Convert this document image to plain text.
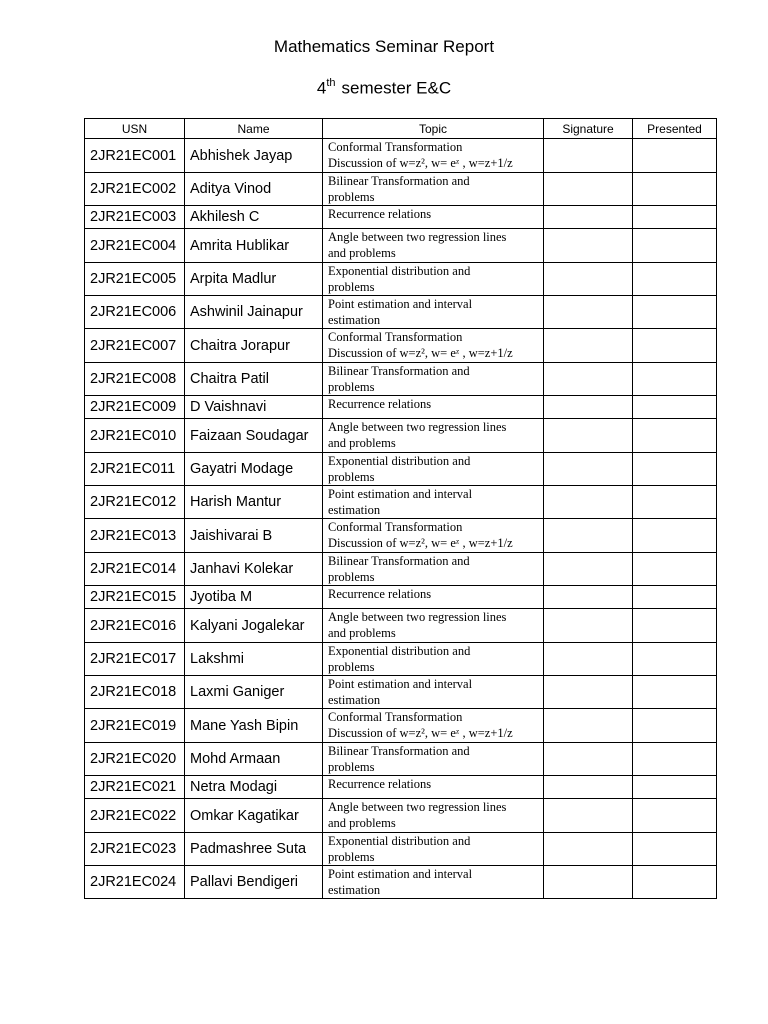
Mathematics Seminar Report
4th semester E&C
USN	Name	Topic	Signature	Presented
2JR21EC001	Abhishek Jayap	Conformal Transformation
Discussion of w=z², w= eᶻ , w=z+1/z		

2JR21EC002	Aditya Vinod	Bilinear Transformation and
problems		

2JR21EC003	Akhilesh C	Recurrence relations		

2JR21EC004	Amrita Hublikar	Angle between two regression lines
and problems		

2JR21EC005	Arpita Madlur	Exponential distribution and
problems		

2JR21EC006	Ashwinil Jainapur	Point estimation and interval
estimation		

2JR21EC007	Chaitra Jorapur	Conformal Transformation
Discussion of w=z², w= eᶻ , w=z+1/z		

2JR21EC008	Chaitra Patil	Bilinear Transformation and
problems		

2JR21EC009	D Vaishnavi	Recurrence relations		

2JR21EC010	Faizaan Soudagar	Angle between two regression lines
and problems		

2JR21EC011	Gayatri Modage	Exponential distribution and
problems		

2JR21EC012	Harish Mantur	Point estimation and interval
estimation		

2JR21EC013	Jaishivarai B	Conformal Transformation
Discussion of w=z², w= eᶻ , w=z+1/z		

2JR21EC014	Janhavi Kolekar	Bilinear Transformation and
problems		

2JR21EC015	Jyotiba M	Recurrence relations		

2JR21EC016	Kalyani Jogalekar	Angle between two regression lines
and problems		

2JR21EC017	Lakshmi	Exponential distribution and
problems		

2JR21EC018	Laxmi Ganiger	Point estimation and interval
estimation		

2JR21EC019	Mane Yash Bipin	Conformal Transformation
Discussion of w=z², w= eᶻ , w=z+1/z		

2JR21EC020	Mohd Armaan	Bilinear Transformation and
problems		

2JR21EC021	Netra Modagi	Recurrence relations		

2JR21EC022	Omkar Kagatikar	Angle between two regression lines
and problems		

2JR21EC023	Padmashree Suta	Exponential distribution and
problems		

2JR21EC024	Pallavi Bendigeri	Point estimation and interval
estimation		
